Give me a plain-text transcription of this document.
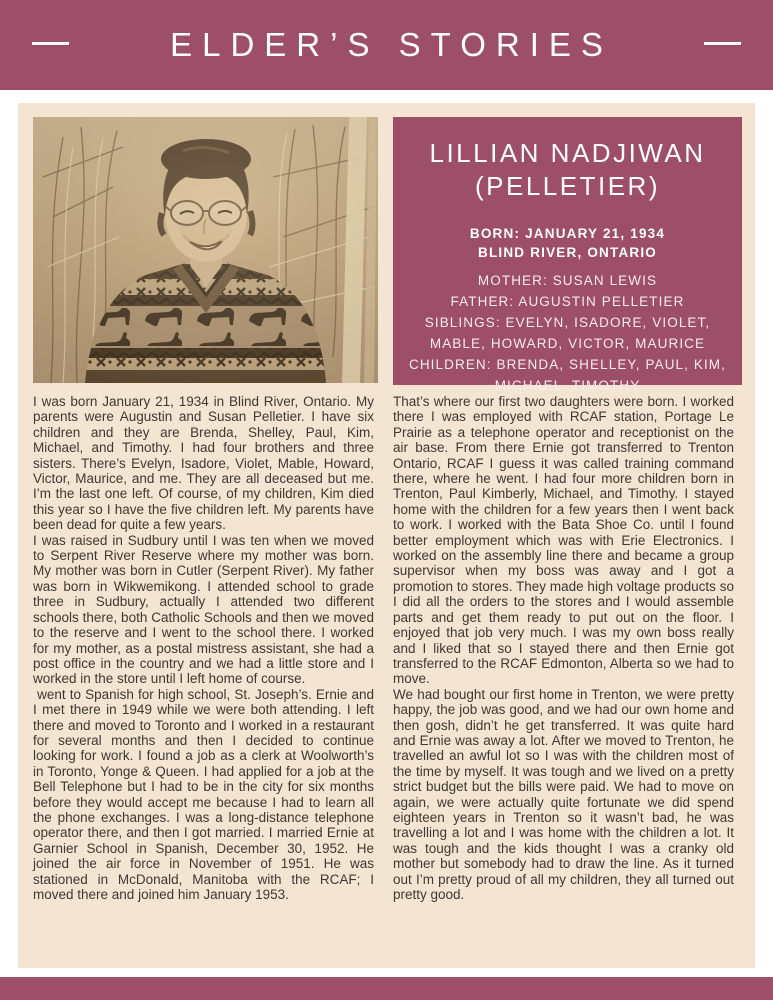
ELDER’S STORIES
LILLIAN NADJIWAN
(PELLETIER)
BORN: JANUARY 21, 1934
BLIND RIVER, ONTARIO
MOTHER: SUSAN LEWIS
FATHER: AUGUSTIN PELLETIER
SIBLINGS: EVELYN, ISADORE, VIOLET, MABLE, HOWARD, VICTOR, MAURICE
CHILDREN: BRENDA, SHELLEY, PAUL, KIM, MICHAEL, TIMOTHY

I was born January 21, 1934 in Blind River, Ontario. My parents were Augustin and Susan Pelletier. I have six children and they are Brenda, Shelley, Paul, Kim, Michael, and Timothy. I had four brothers and three sisters. There’s Evelyn, Isadore, Violet, Mable, Howard, Victor, Maurice, and me. They are all deceased but me. I’m the last one left. Of course, of my children, Kim died this year so I have the five children left. My parents have been dead for quite a few years.

I was raised in Sudbury until I was ten when we moved to Serpent River Reserve where my mother was born. My mother was born in Cutler (Serpent River). My father was born in Wikwemikong. I attended school to grade three in Sudbury, actually I attended two different schools there, both Catholic Schools and then we moved to the reserve and I went to the school there. I worked for my mother, as a postal mistress assistant, she had a post office in the country and we had a little store and I worked in the store until I left home of course.

went to Spanish for high school, St. Joseph’s. Ernie and I met there in 1949 while we were both attending. I left there and moved to Toronto and I worked in a restaurant for several months and then I decided to continue looking for work. I found a job as a clerk at Woolworth’s in Toronto, Yonge & Queen. I had applied for a job at the Bell Telephone but I had to be in the city for six months before they would accept me because I had to learn all the phone exchanges. I was a long-distance telephone operator there, and then I got married. I married Ernie at Garnier School in Spanish, December 30, 1952. He joined the air force in November of 1951. He was stationed in McDonald, Manitoba with the RCAF; I moved there and joined him January 1953.

That’s where our first two daughters were born. I worked there I was employed with RCAF station, Portage Le Prairie as a telephone operator and receptionist on the air base. From there Ernie got transferred to Trenton Ontario, RCAF I guess it was called training command there, where he went. I had four more children born in Trenton, Paul Kimberly, Michael, and Timothy. I stayed home with the children for a few years then I went back to work. I worked with the Bata Shoe Co. until I found better employment which was with Erie Electronics. I worked on the assembly line there and became a group supervisor when my boss was away and I got a promotion to stores. They made high voltage products so I did all the orders to the stores and I would assemble parts and get them ready to put out on the floor. I enjoyed that job very much. I was my own boss really and I liked that so I stayed there and then Ernie got transferred to the RCAF Edmonton, Alberta so we had to move.

We had bought our first home in Trenton, we were pretty happy, the job was good, and we had our own home and then gosh, didn’t he get transferred. It was quite hard and Ernie was away a lot. After we moved to Trenton, he travelled an awful lot so I was with the children most of the time by myself. It was tough and we lived on a pretty strict budget but the bills were paid. We had to move on again, we were actually quite fortunate we did spend eighteen years in Trenton so it wasn’t bad, he was travelling a lot and I was home with the children a lot. It was tough and the kids thought I was a cranky old mother but somebody had to draw the line. As it turned out I’m pretty proud of all my children, they all turned out pretty good.
